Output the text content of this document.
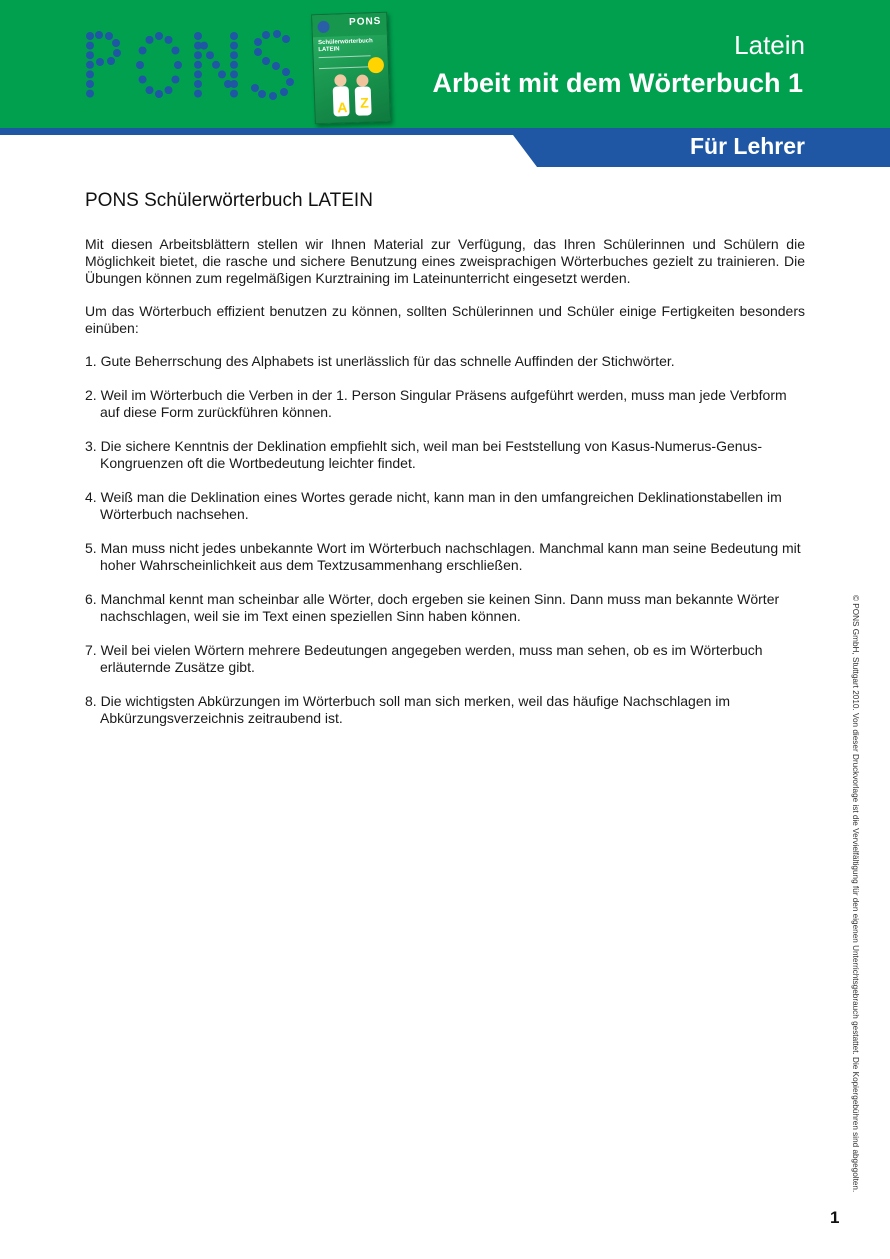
PONS
Schülerwörterbuch
LATEIN
A Z
Latein
Arbeit mit dem Wörterbuch 1
Für Lehrer
PONS Schülerwörterbuch LATEIN

Mit diesen Arbeitsblättern stellen wir Ihnen Material zur Verfügung, das Ihren Schülerinnen und Schülern die Möglichkeit bietet, die rasche und sichere Benutzung eines zweisprachigen Wörterbuches gezielt zu trainieren. Die Übungen können zum regelmäßigen Kurztraining im Lateinunterricht eingesetzt werden.

Um das Wörterbuch effizient benutzen zu können, sollten Schülerinnen und Schüler einige Fertigkeiten besonders einüben:

1. Gute Beherrschung des Alphabets ist unerlässlich für das schnelle Auffinden der Stichwörter.
2. Weil im Wörterbuch die Verben in der 1. Person Singular Präsens aufgeführt werden, muss man jede Verbform auf diese Form zurückführen können.
3. Die sichere Kenntnis der Deklination empfiehlt sich, weil man bei Feststellung von Kasus-Numerus-Genus-Kongruenzen oft die Wortbedeutung leichter findet.
4. Weiß man die Deklination eines Wortes gerade nicht, kann man in den umfangreichen Deklinationstabellen im Wörterbuch nachsehen.
5. Man muss nicht jedes unbekannte Wort im Wörterbuch nachschlagen. Manchmal kann man seine Bedeutung mit hoher Wahrscheinlichkeit aus dem Textzusammenhang erschließen.
6. Manchmal kennt man scheinbar alle Wörter, doch ergeben sie keinen Sinn. Dann muss man bekannte Wörter nachschlagen, weil sie im Text einen speziellen Sinn haben können.
7. Weil bei vielen Wörtern mehrere Bedeutungen angegeben werden, muss man sehen, ob es im Wörterbuch erläuternde Zusätze gibt.
8. Die wichtigsten Abkürzungen im Wörterbuch soll man sich merken, weil das häufige Nachschlagen im Abkürzungsverzeichnis zeitraubend ist.	© PONS GmbH, Stuttgart 2010. Von dieser Druckvorlage ist die Vervielfältigung für den eigenen Unterrichtsgebrauch gestattet. Die Kopiergebühren sind abgegolten.
1
